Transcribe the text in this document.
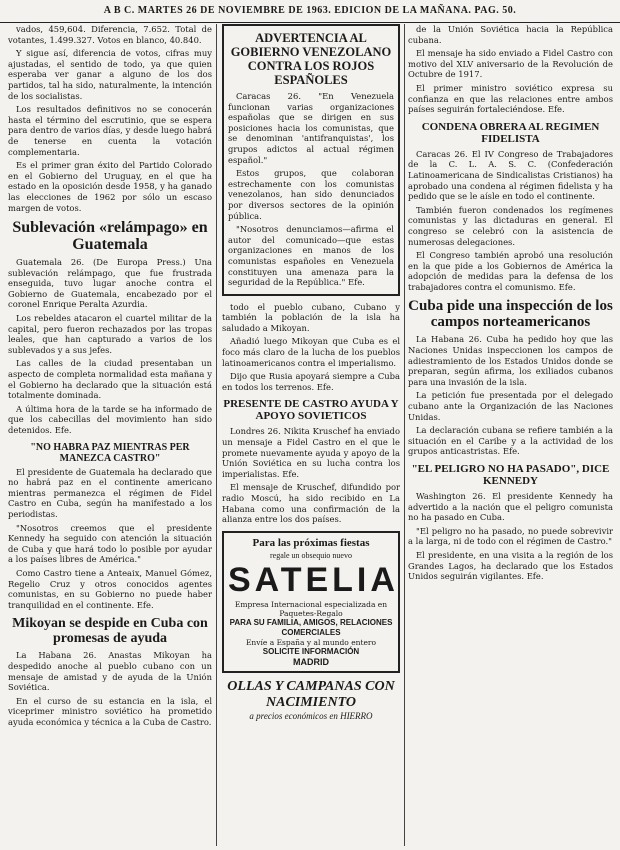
A B C. MARTES 26 DE NOVIEMBRE DE 1963. EDICION DE LA MAÑANA. PAG. 50.

vados, 459,604. Diferencia, 7.652. Total de votantes, 1.499.327. Votos en blanco, 40.840.

Y sigue así, diferencia de votos, cifras muy ajustadas, el sentido de todo, ya que quien esperaba ver ganar a alguno de los dos partidos, tal ha sido, naturalmente, la intención de los socialistas.

Los resultados definitivos no se conocerán hasta el término del escrutinio, que se espera para dentro de varios días, y desde luego habrá de tenerse en cuenta la votación complementaria.

Es el primer gran éxito del Partido Colorado en el Gobierno del Uruguay, en el que ha estado en la oposición desde 1958, y ha ganado las elecciones de 1962 por sólo un escaso margen de votos.

Sublevación «relámpago» en Guatemala

Guatemala 26. (De Europa Press.) Una sublevación relámpago, que fue frustrada enseguida, tuvo lugar anoche contra el Gobierno de Guatemala, encabezado por el coronel Enrique Peralta Azurdia.

Los rebeldes atacaron el cuartel militar de la capital, pero fueron rechazados por las tropas leales, que han capturado a varios de los sublevados y a sus jefes.

Las calles de la ciudad presentaban un aspecto de completa normalidad esta mañana y el Gobierno ha declarado que la situación está totalmente dominada.

A última hora de la tarde se ha informado de que los cabecillas del movimiento han sido detenidos. Efe.

"NO HABRA PAZ MIENTRAS PER MANEZCA CASTRO"

El presidente de Guatemala ha declarado que no habrá paz en el continente americano mientras permanezca el régimen de Fidel Castro en Cuba, según ha manifestado a los periodistas.

"Nosotros creemos que el presidente Kennedy ha seguido con atención la situación de Cuba y que hará todo lo posible por ayudar a los países libres de América."

Como Castro tiene a Anteaix, Manuel Gómez, Regelio Cruz y otros conocidos agentes comunistas, en su Gobierno no puede haber tranquilidad en el continente. Efe.

Mikoyan se despide en Cuba con promesas de ayuda

La Habana 26. Anastas Mikoyan ha despedido anoche al pueblo cubano con un mensaje de amistad y de ayuda de la Unión Soviética.

En el curso de su estancia en la isla, el viceprimer ministro soviético ha prometido ayuda económica y técnica a la Cuba de Castro.

ADVERTENCIA AL GOBIERNO VENEZOLANO CONTRA LOS ROJOS ESPAÑOLES

Caracas 26. "En Venezuela funcionan varias organizaciones españolas que se dirigen en sus posiciones hacia los comunistas, que se denominan 'antifranquistas', los grupos adictos al actual régimen español."

Estos grupos, que colaboran estrechamente con los comunistas venezolanos, han sido denunciados por diversos sectores de la opinión pública.

"Nosotros denunciamos—afirma el autor del comunicado—que estas organizaciones en manos de los comunistas españoles en Venezuela constituyen una amenaza para la seguridad de la República." Efe.

todo el pueblo cubano, Cubano y también la población de la isla ha saludado a Mikoyan.

Añadió luego Mikoyan que Cuba es el foco más claro de la lucha de los pueblos latinoamericanos contra el imperialismo.

Dijo que Rusia apoyará siempre a Cuba en todos los terrenos. Efe.

PRESENTE DE CASTRO AYUDA Y APOYO SOVIETICOS

Londres 26. Nikita Kruschef ha enviado un mensaje a Fidel Castro en el que le promete nuevamente ayuda y apoyo de la Unión Soviética en su lucha contra los imperialistas. Efe.

El mensaje de Kruschef, difundido por radio Moscú, ha sido recibido en La Habana como una confirmación de la alianza entre los dos países.

Para las próximas fiestas
regale un obsequio nuevo
SATELIA
Empresa Internacional especializada en Paquetes-Regalo
PARA SU FAMILIA, AMIGOS, RELACIONES COMERCIALES
Envíe a España y al mundo entero
SOLICITE INFORMACIÓN
MADRID
OLLAS Y CAMPANAS CON NACIMIENTO
a precios económicos en HIERRO

de la Unión Soviética hacia la República cubana.

El mensaje ha sido enviado a Fidel Castro con motivo del XLV aniversario de la Revolución de Octubre de 1917.

El primer ministro soviético expresa su confianza en que las relaciones entre ambos países seguirán fortaleciéndose. Efe.

CONDENA OBRERA AL REGIMEN FIDELISTA

Caracas 26. El IV Congreso de Trabajadores de la C. L. A. S. C. (Confederación Latinoamericana de Sindicalistas Cristianos) ha aprobado una condena al régimen fidelista y ha pedido que se le aísle en todo el continente.

También fueron condenados los regímenes comunistas y las dictaduras en general. El congreso se celebró con la asistencia de numerosas delegaciones.

El Congreso también aprobó una resolución en la que pide a los Gobiernos de América la adopción de medidas para la defensa de los trabajadores contra el comunismo. Efe.

Cuba pide una inspección de los campos norteamericanos

La Habana 26. Cuba ha pedido hoy que las Naciones Unidas inspeccionen los campos de adiestramiento de los Estados Unidos donde se preparan, según afirma, los exiliados cubanos para una invasión de la isla.

La petición fue presentada por el delegado cubano ante la Organización de las Naciones Unidas.

La declaración cubana se refiere también a la situación en el Caribe y a la actividad de los grupos anticastristas. Efe.

"EL PELIGRO NO HA PASADO", DICE KENNEDY

Washington 26. El presidente Kennedy ha advertido a la nación que el peligro comunista no ha pasado en Cuba.

"El peligro no ha pasado, no puede sobrevivir a la larga, ni de todo con el régimen de Castro."

El presidente, en una visita a la región de los Grandes Lagos, ha declarado que los Estados Unidos seguirán vigilantes. Efe.
